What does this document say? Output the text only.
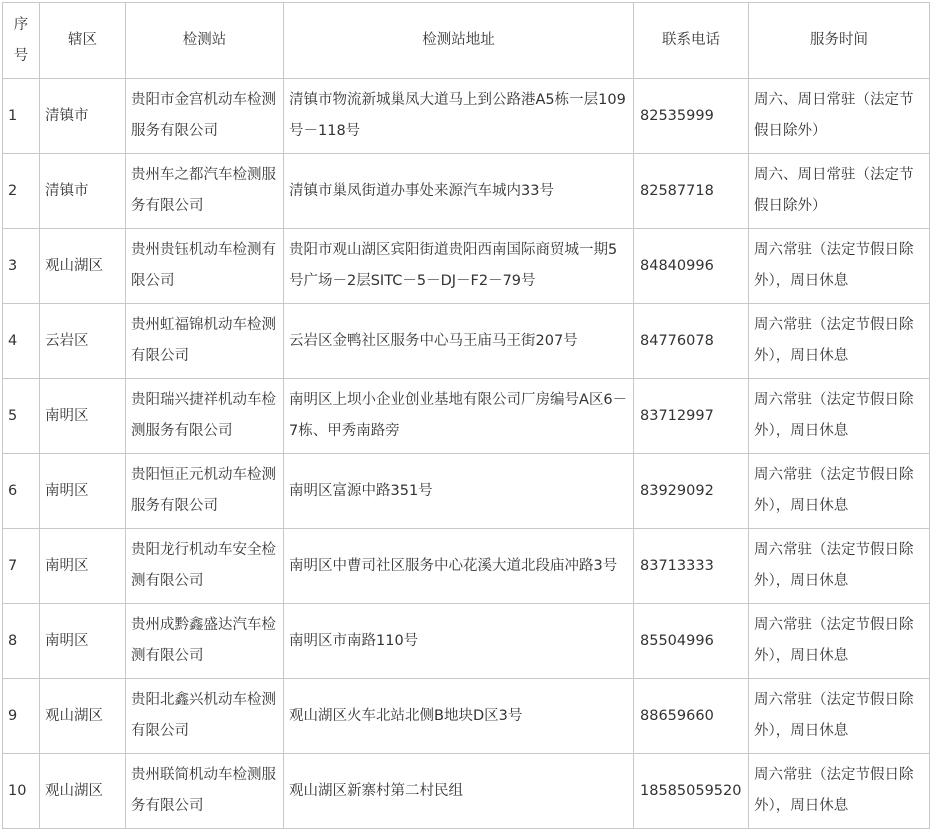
序号	辖区	检测站	检测站地址	联系电话	服务时间
1	清镇市	贵阳市金宫机动车检测服务有限公司	清镇市物流新城巢凤大道马上到公路港A5栋一层109号－118号	82535999	周六、周日常驻（法定节假日除外）
2	清镇市	贵州车之都汽车检测服务有限公司	清镇市巢凤街道办事处来源汽车城内33号	82587718	周六、周日常驻（法定节假日除外）
3	观山湖区	贵州贵钰机动车检测有限公司	贵阳市观山湖区宾阳街道贵阳西南国际商贸城一期5号广场－2层SITC－5－DJ－F2－79号	84840996	周六常驻（法定节假日除外），周日休息
4	云岩区	贵州虹福锦机动车检测有限公司	云岩区金鸭社区服务中心马王庙马王街207号	84776078	周六常驻（法定节假日除外），周日休息
5	南明区	贵阳瑞兴捷祥机动车检测服务有限公司	南明区上坝小企业创业基地有限公司厂房编号A区6－7栋、甲秀南路旁	83712997	周六常驻（法定节假日除外），周日休息
6	南明区	贵阳恒正元机动车检测服务有限公司	南明区富源中路351号	83929092	周六常驻（法定节假日除外），周日休息
7	南明区	贵阳龙行机动车安全检测有限公司	南明区中曹司社区服务中心花溪大道北段庙冲路3号	83713333	周六常驻（法定节假日除外），周日休息
8	南明区	贵州成黔鑫盛达汽车检测有限公司	南明区市南路110号	85504996	周六常驻（法定节假日除外），周日休息
9	观山湖区	贵阳北鑫兴机动车检测有限公司	观山湖区火车北站北侧B地块D区3号	88659660	周六常驻（法定节假日除外），周日休息
10	观山湖区	贵州联简机动车检测服务有限公司	观山湖区新寨村第二村民组	18585059520	周六常驻（法定节假日除外），周日休息
